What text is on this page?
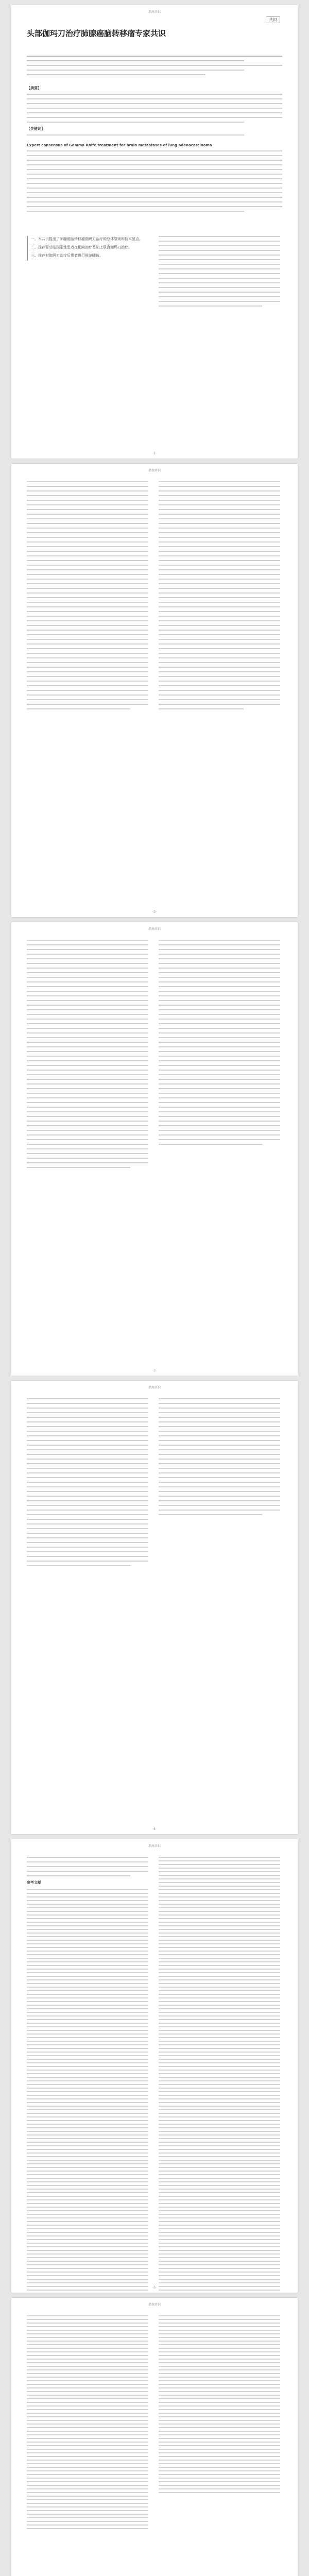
指南共识
共识
头部伽玛刀治疗肺腺癌脑转移瘤专家共识
【摘要】
【关键词】
Expert consensus of Gamma Knife treatment for brain metastases of lung adenocarcinoma

一、本共识提出了肺腺癌脑转移瘤伽玛刀治疗的总体原则和技术要点。

二、推荐驱动基因阳性患者在靶向治疗基础上联合伽玛刀治疗。

三、推荐对伽玛刀治疗后患者进行规范随访。

·1·
指南共识
·2·
指南共识
·3·
指南共识
·4·
指南共识
参考文献
·5·
指南共识
